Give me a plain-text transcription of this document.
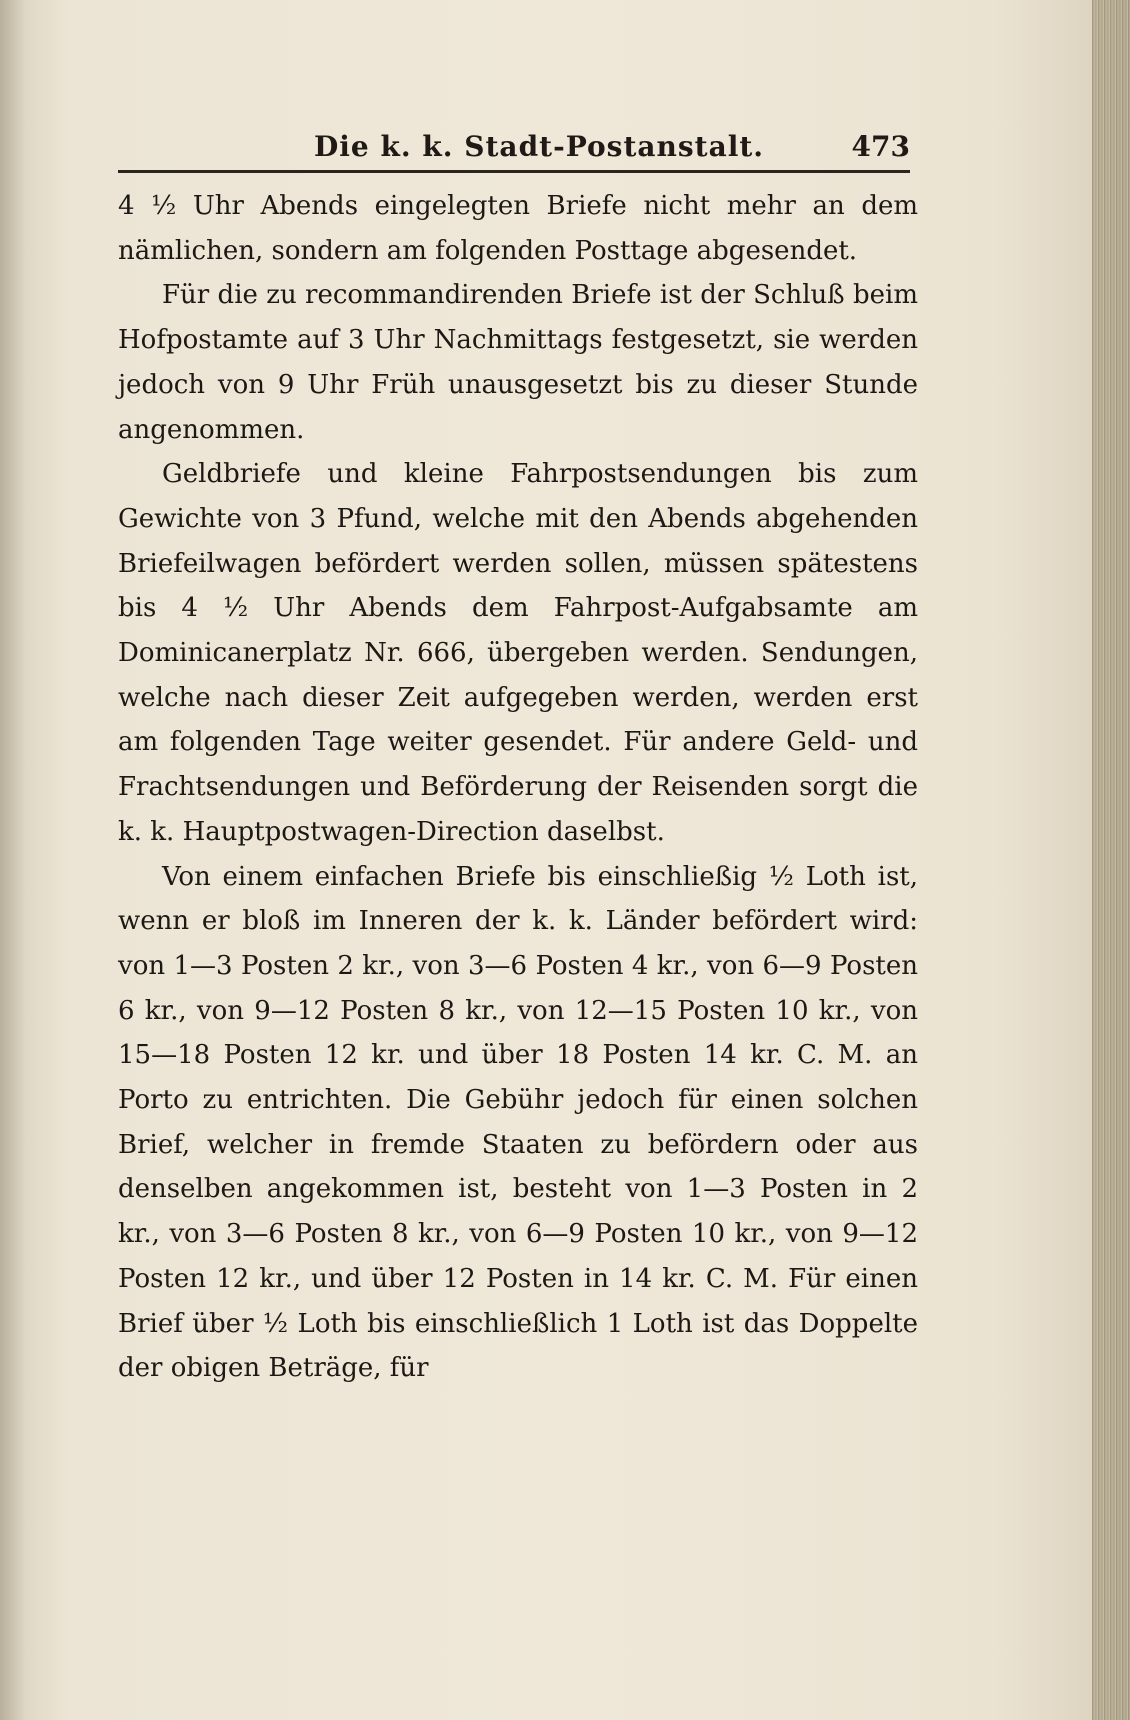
Die k. k. Stadt-Postanstalt.	473

4 ½ Uhr Abends eingelegten Briefe nicht mehr an dem nämlichen, sondern am folgenden Posttage abgesendet.

Für die zu recommandirenden Briefe ist der Schluß beim Hofpostamte auf 3 Uhr Nachmittags festgesetzt, sie werden jedoch von 9 Uhr Früh unausgesetzt bis zu dieser Stunde angenommen.

Geldbriefe und kleine Fahrpostsendungen bis zum Gewichte von 3 Pfund, welche mit den Abends abgehenden Briefeilwagen befördert werden sollen, müssen spätestens bis 4 ½ Uhr Abends dem Fahrpost-Aufgabsamte am Dominicanerplatz Nr. 666, übergeben werden. Sendungen, welche nach dieser Zeit aufgegeben werden, werden erst am folgenden Tage weiter gesendet. Für andere Geld- und Frachtsendungen und Beförderung der Reisenden sorgt die k. k. Hauptpostwagen-Direction daselbst.

Von einem einfachen Briefe bis einschließig ½ Loth ist, wenn er bloß im Inneren der k. k. Länder befördert wird: von 1—3 Posten 2 kr., von 3—6 Posten 4 kr., von 6—9 Posten 6 kr., von 9—12 Posten 8 kr., von 12—15 Posten 10 kr., von 15—18 Posten 12 kr. und über 18 Posten 14 kr. C. M. an Porto zu entrichten. Die Gebühr jedoch für einen solchen Brief, welcher in fremde Staaten zu befördern oder aus denselben angekommen ist, besteht von 1—3 Posten in 2 kr., von 3—6 Posten 8 kr., von 6—9 Posten 10 kr., von 9—12 Posten 12 kr., und über 12 Posten in 14 kr. C. M. Für einen Brief über ½ Loth bis einschließlich 1 Loth ist das Doppelte der obigen Beträge, für
